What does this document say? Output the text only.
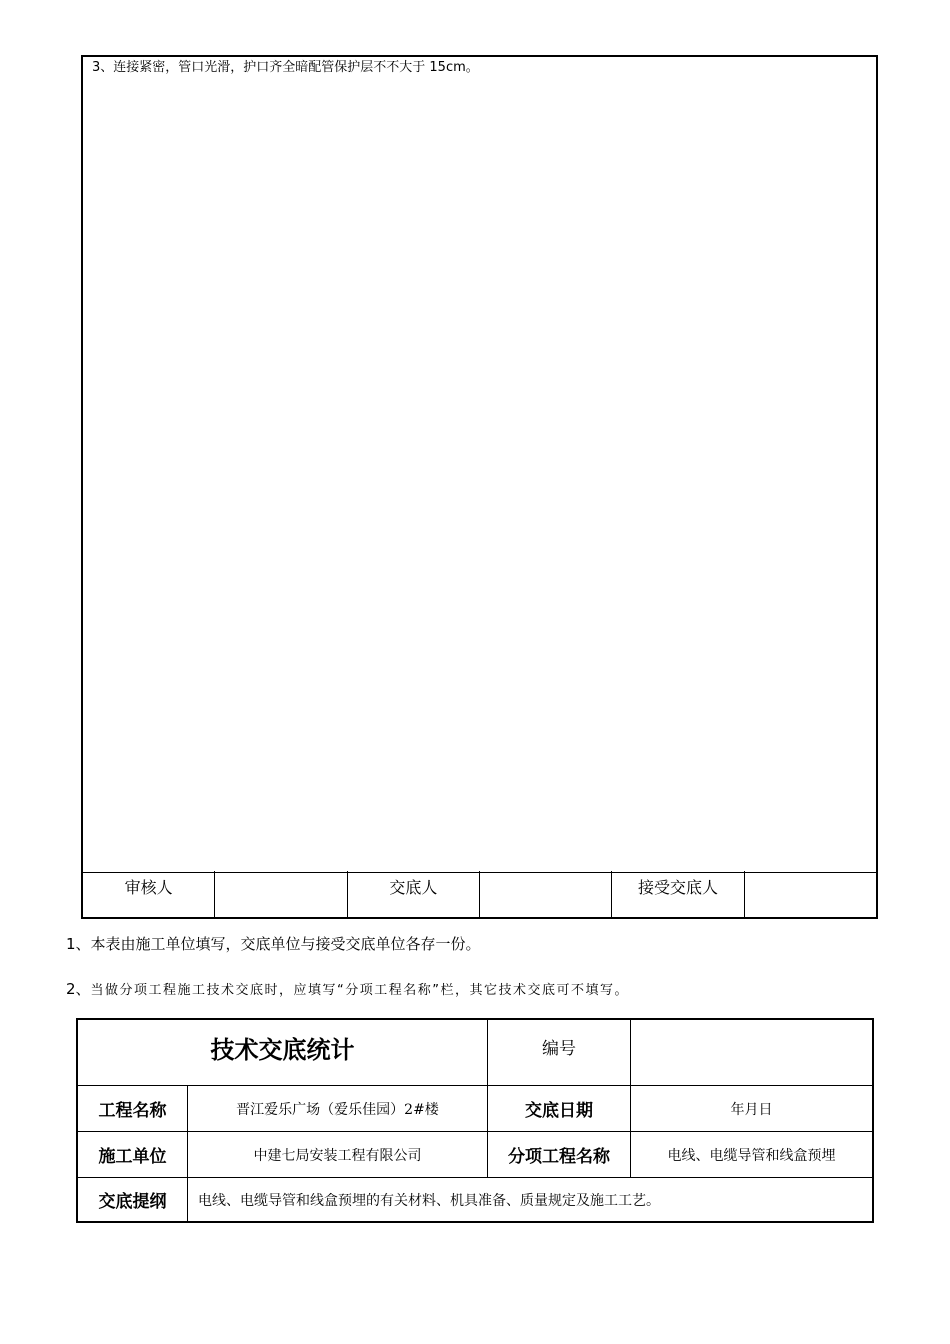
3、连接紧密，管口光滑，护口齐全暗配管保护层不不大于 15cm。
审核人	交底人	接受交底人
1、本表由施工单位填写，交底单位与接受交底单位各存一份。
2、当做分项工程施工技术交底时，应填写“分项工程名称”栏，其它技术交底可不填写。
技术交底统计	编号
工程名称	晋江爱乐广场（爱乐佳园）2#楼	交底日期	年月日
施工单位	中建七局安装工程有限公司	分项工程名称	电线、电缆导管和线盒预埋
交底提纲	电线、电缆导管和线盒预埋的有关材料、机具准备、质量规定及施工工艺。
